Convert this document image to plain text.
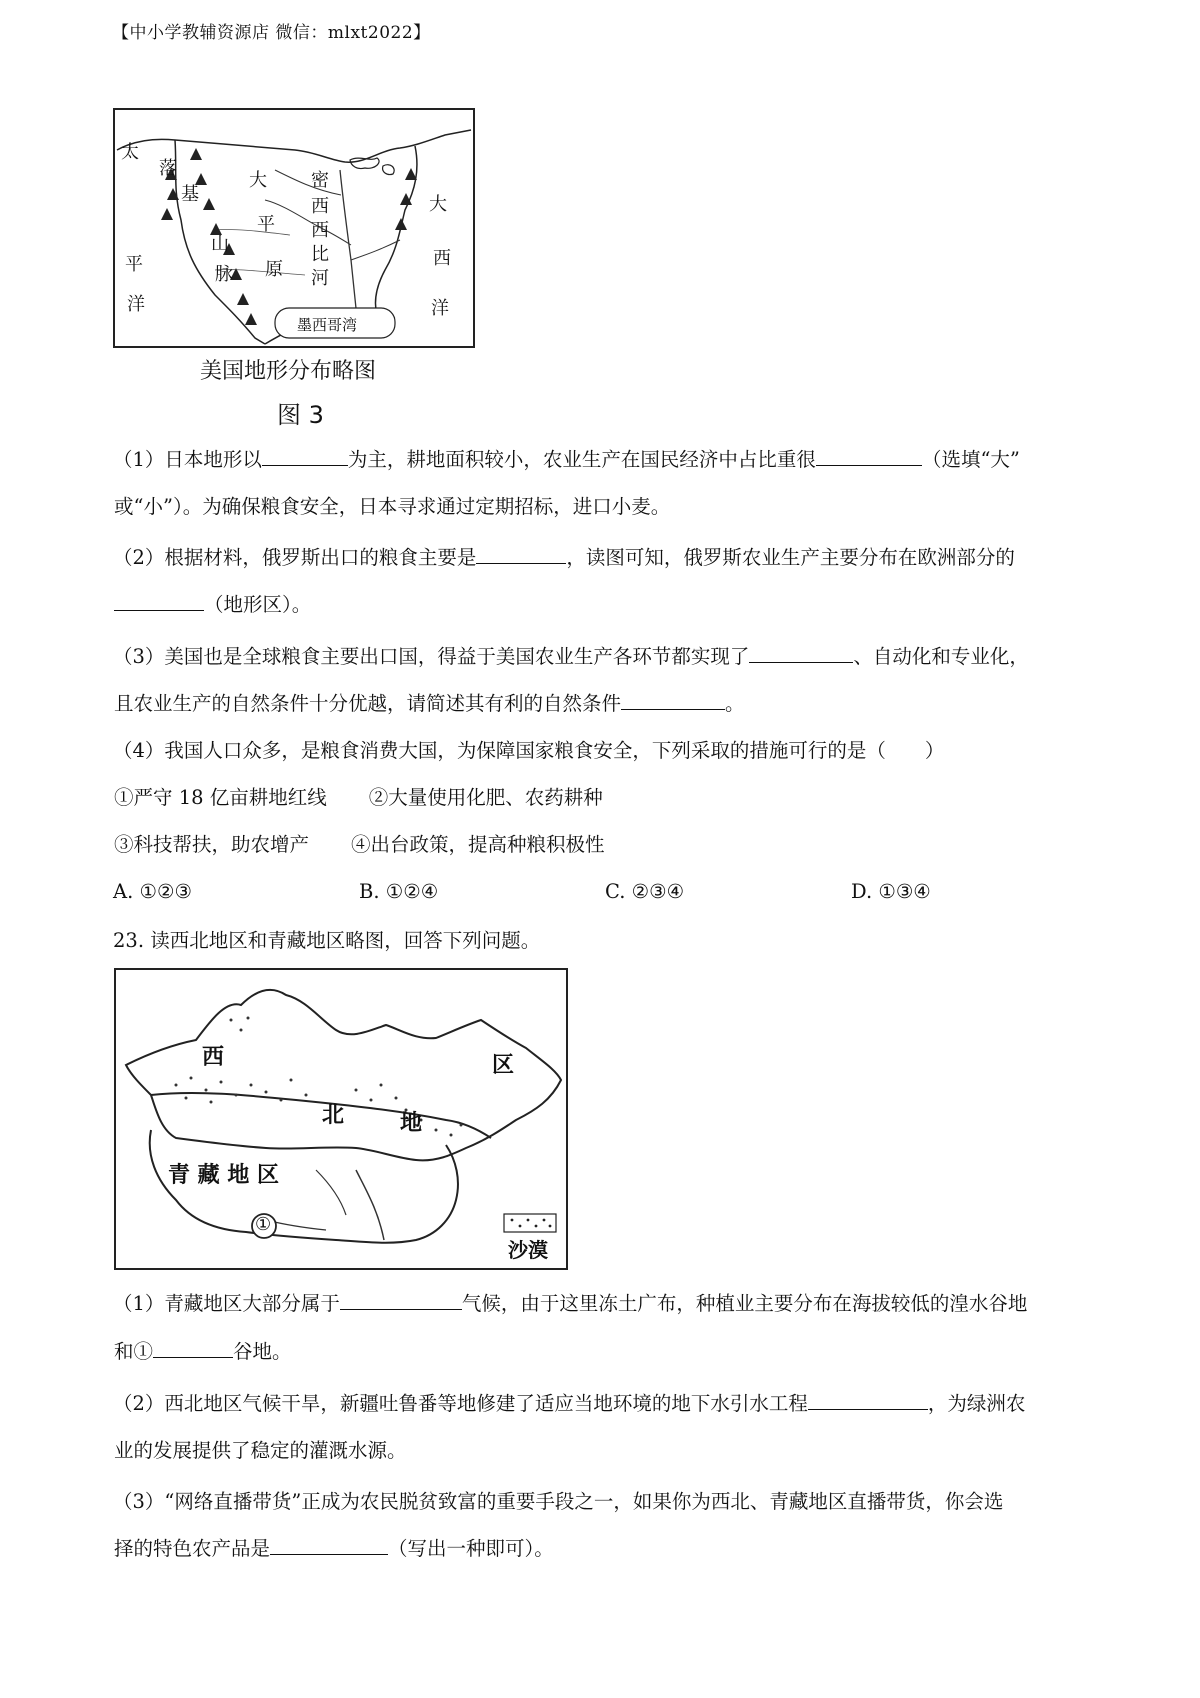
【中小学教辅资源店 微信：mlxt2022】
太
平
洋
落
基
山
脉
大
平
原
密
西
西
比
河
大
西
洋
墨西哥湾
美国地形分布略图
图 3
（1）日本地形以	为主，耕地面积较小，农业生产在国民经济中占比重很	（选填“大”
或“小”）。为确保粮食安全，日本寻求通过定期招标，进口小麦。
（2）根据材料，俄罗斯出口的粮食主要是	，读图可知，俄罗斯农业生产主要分布在欧洲部分的
（地形区）。
（3）美国也是全球粮食主要出口国，得益于美国农业生产各环节都实现了	、自动化和专业化，
且农业生产的自然条件十分优越，请简述其有利的自然条件	。
（4）我国人口众多，是粮食消费大国，为保障国家粮食安全，下列采取的措施可行的是（　　）
①严守 18 亿亩耕地红线 ②大量使用化肥、农药耕种
③科技帮扶，助农增产 ④出台政策，提高种粮积极性
A. ①②③	B. ①②④	C. ②③④	D. ①③④
23. 读西北地区和青藏地区略图，回答下列问题。
西
北	地
区
青 藏 地 区
①
沙漠
（1）青藏地区大部分属于	气候，由于这里冻土广布，种植业主要分布在海拔较低的湟水谷地
和①	谷地。
（2）西北地区气候干旱，新疆吐鲁番等地修建了适应当地环境的地下水引水工程	，为绿洲农
业的发展提供了稳定的灌溉水源。
（3）“网络直播带货”正成为农民脱贫致富的重要手段之一，如果你为西北、青藏地区直播带货，你会选
择的特色农产品是	（写出一种即可）。
